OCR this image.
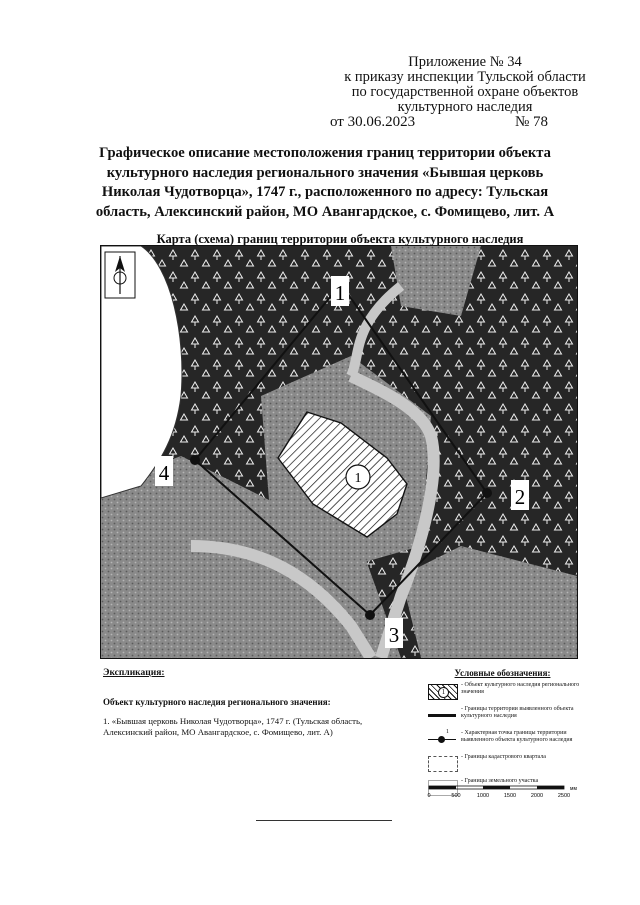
Приложение № 34
к приказу инспекции Тульской области
по государственной охране объектов
культурного наследия
от 30.06.2023	№ 78
Графическое описание местоположения границ территории объекта культурного наследия регионального значения «Бывшая церковь Николая Чудотворца», 1747 г., расположенного по адресу: Тульская область, Алексинский район, МО Авангардское, с. Фомищево, лит. А
Карта (схема) границ территории объекта культурного наследия
1
1
2
3
4
Экспликация:
Объект культурного наследия регионального значения:
1. «Бывшая церковь Николая Чудотворца», 1747 г. (Тульская область, Алексинский район, МО Авангардское, с. Фомищево, лит. А)
Условные обозначения:
1
- Объект культурного наследия регионального значения
- Границы территории выявленного объекта культурного наследия
1 - Характерная точка границы территории выявленного объекта культурного наследия
- Границы кадастрового квартала
- Границы земельного участка
0	500	1000	1500	2000	2500
мм
